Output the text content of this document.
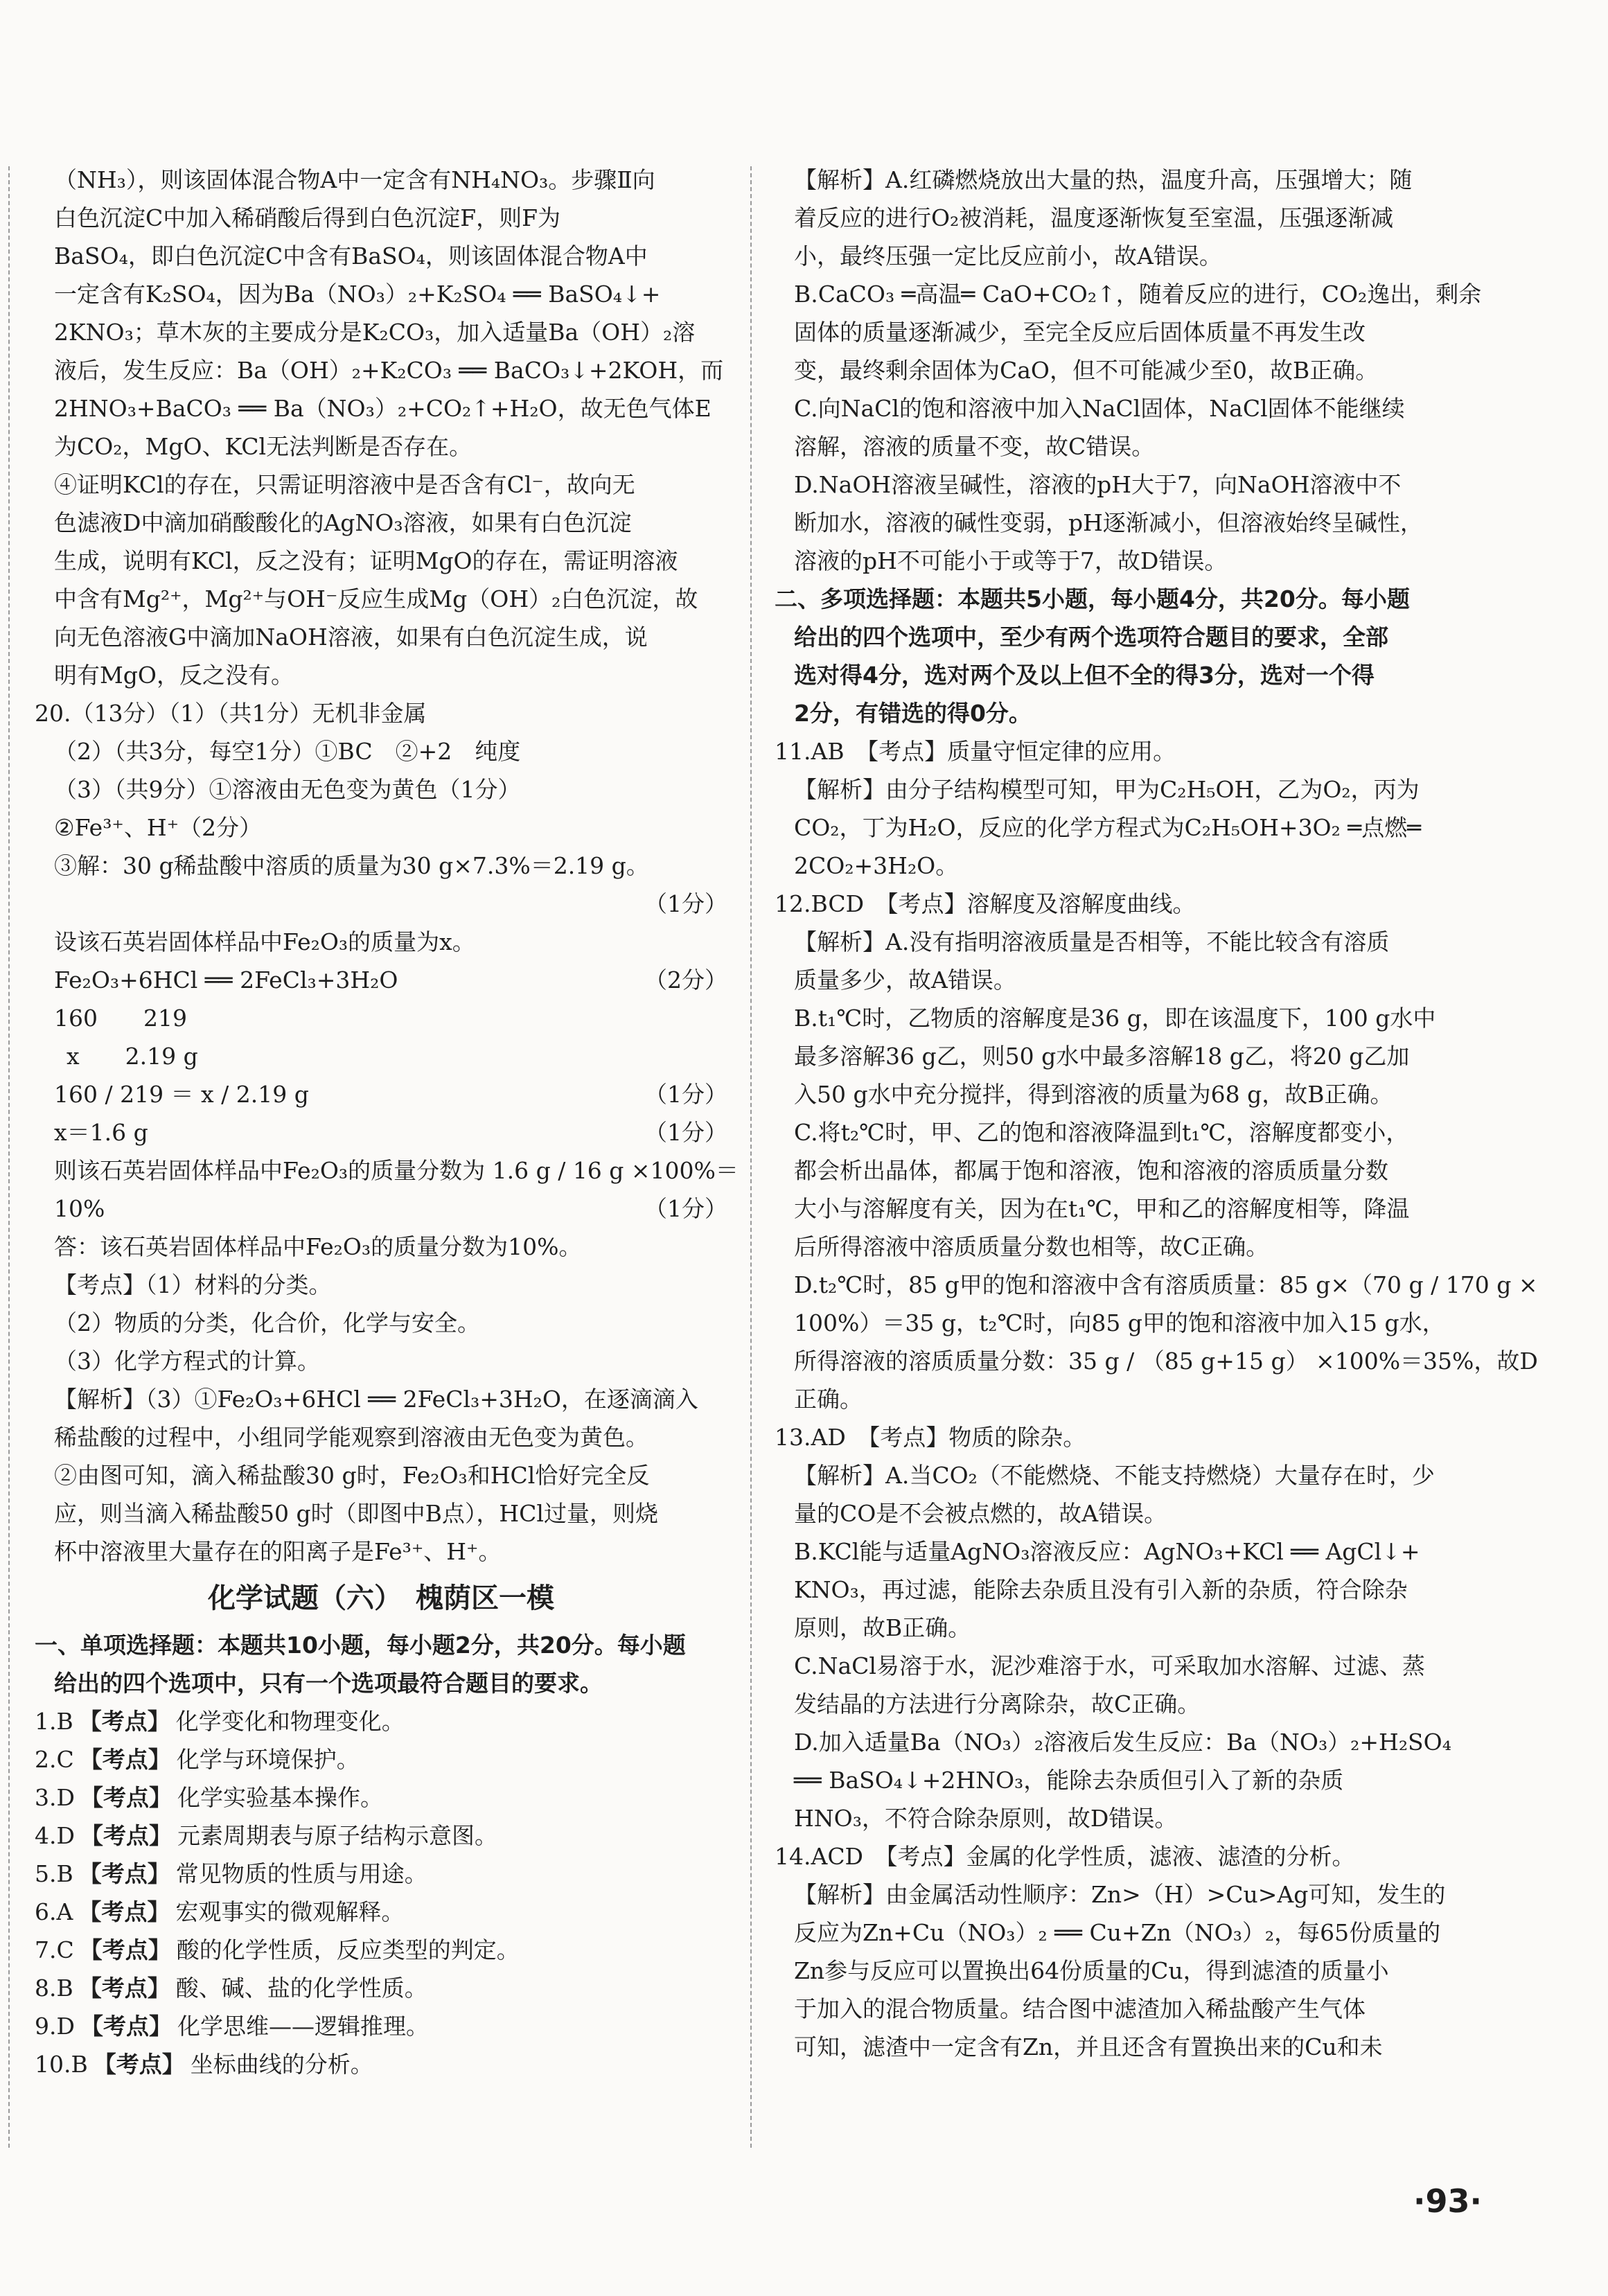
（NH₃），则该固体混合物A中一定含有NH₄NO₃。步骤Ⅱ向
白色沉淀C中加入稀硝酸后得到白色沉淀F，则F为
BaSO₄，即白色沉淀C中含有BaSO₄，则该固体混合物A中
一定含有K₂SO₄，因为Ba（NO₃）₂+K₂SO₄ ══ BaSO₄↓+
2KNO₃；草木灰的主要成分是K₂CO₃，加入适量Ba（OH）₂溶
液后，发生反应：Ba（OH）₂+K₂CO₃ ══ BaCO₃↓+2KOH，而
2HNO₃+BaCO₃ ══ Ba（NO₃）₂+CO₂↑+H₂O，故无色气体E
为CO₂，MgO、KCl无法判断是否存在。
④证明KCl的存在，只需证明溶液中是否含有Cl⁻，故向无
色滤液D中滴加硝酸酸化的AgNO₃溶液，如果有白色沉淀
生成，说明有KCl，反之没有；证明MgO的存在，需证明溶液
中含有Mg²⁺，Mg²⁺与OH⁻反应生成Mg（OH）₂白色沉淀，故
向无色溶液G中滴加NaOH溶液，如果有白色沉淀生成，说
明有MgO，反之没有。
20.（13分）（1）（共1分）无机非金属
（2）（共3分，每空1分）①BC　②+2　纯度
（3）（共9分）①溶液由无色变为黄色（1分）
②Fe³⁺、H⁺（2分）
③解：30 g稀盐酸中溶质的质量为30 g×7.3%＝2.19 g。
（1分）
设该石英岩固体样品中Fe₂O₃的质量为x。
Fe₂O₃+6HCl ══ 2FeCl₃+3H₂O	（2分）
160　　219
x　　2.19 g
160 / 219 ＝ x / 2.19 g	（1分）
x＝1.6 g	（1分）
则该石英岩固体样品中Fe₂O₃的质量分数为 1.6 g / 16 g ×100%＝
10%	（1分）
答：该石英岩固体样品中Fe₂O₃的质量分数为10%。
【考点】（1）材料的分类。
（2）物质的分类，化合价，化学与安全。
（3）化学方程式的计算。
【解析】（3）①Fe₂O₃+6HCl ══ 2FeCl₃+3H₂O，在逐滴滴入
稀盐酸的过程中，小组同学能观察到溶液由无色变为黄色。
②由图可知，滴入稀盐酸30 g时，Fe₂O₃和HCl恰好完全反
应，则当滴入稀盐酸50 g时（即图中B点），HCl过量，则烧
杯中溶液里大量存在的阳离子是Fe³⁺、H⁺。
化学试题（六）　槐荫区一模
一、单项选择题：本题共10小题，每小题2分，共20分。每小题
给出的四个选项中，只有一个选项最符合题目的要求。
1.B 【考点】 化学变化和物理变化。
2.C 【考点】 化学与环境保护。
3.D 【考点】 化学实验基本操作。
4.D 【考点】 元素周期表与原子结构示意图。
5.B 【考点】 常见物质的性质与用途。
6.A 【考点】 宏观事实的微观解释。
7.C 【考点】 酸的化学性质，反应类型的判定。
8.B 【考点】 酸、碱、盐的化学性质。
9.D 【考点】 化学思维——逻辑推理。
10.B 【考点】 坐标曲线的分析。
【解析】A.红磷燃烧放出大量的热，温度升高，压强增大；随
着反应的进行O₂被消耗，温度逐渐恢复至室温，压强逐渐减
小，最终压强一定比反应前小，故A错误。
B.CaCO₃ ═高温═ CaO+CO₂↑，随着反应的进行，CO₂逸出，剩余
固体的质量逐渐减少，至完全反应后固体质量不再发生改
变，最终剩余固体为CaO，但不可能减少至0，故B正确。
C.向NaCl的饱和溶液中加入NaCl固体，NaCl固体不能继续
溶解，溶液的质量不变，故C错误。
D.NaOH溶液呈碱性，溶液的pH大于7，向NaOH溶液中不
断加水，溶液的碱性变弱，pH逐渐减小，但溶液始终呈碱性，
溶液的pH不可能小于或等于7，故D错误。
二、多项选择题：本题共5小题，每小题4分，共20分。每小题
给出的四个选项中，至少有两个选项符合题目的要求，全部
选对得4分，选对两个及以上但不全的得3分，选对一个得
2分，有错选的得0分。
11.AB　【考点】质量守恒定律的应用。
【解析】由分子结构模型可知，甲为C₂H₅OH，乙为O₂，丙为
CO₂，丁为H₂O，反应的化学方程式为C₂H₅OH+3O₂ ═点燃═
2CO₂+3H₂O。
12.BCD　【考点】溶解度及溶解度曲线。
【解析】A.没有指明溶液质量是否相等，不能比较含有溶质
质量多少，故A错误。
B.t₁℃时，乙物质的溶解度是36 g，即在该温度下，100 g水中
最多溶解36 g乙，则50 g水中最多溶解18 g乙，将20 g乙加
入50 g水中充分搅拌，得到溶液的质量为68 g，故B正确。
C.将t₂℃时，甲、乙的饱和溶液降温到t₁℃，溶解度都变小，
都会析出晶体，都属于饱和溶液，饱和溶液的溶质质量分数
大小与溶解度有关，因为在t₁℃，甲和乙的溶解度相等，降温
后所得溶液中溶质质量分数也相等，故C正确。
D.t₂℃时，85 g甲的饱和溶液中含有溶质质量：85 g×（70 g / 170 g ×
100%）＝35 g，t₂℃时，向85 g甲的饱和溶液中加入15 g水，
所得溶液的溶质质量分数：35 g / （85 g+15 g） ×100%＝35%，故D
正确。
13.AD　【考点】物质的除杂。
【解析】A.当CO₂（不能燃烧、不能支持燃烧）大量存在时，少
量的CO是不会被点燃的，故A错误。
B.KCl能与适量AgNO₃溶液反应：AgNO₃+KCl ══ AgCl↓+
KNO₃，再过滤，能除去杂质且没有引入新的杂质，符合除杂
原则，故B正确。
C.NaCl易溶于水，泥沙难溶于水，可采取加水溶解、过滤、蒸
发结晶的方法进行分离除杂，故C正确。
D.加入适量Ba（NO₃）₂溶液后发生反应：Ba（NO₃）₂+H₂SO₄
══ BaSO₄↓+2HNO₃，能除去杂质但引入了新的杂质
HNO₃，不符合除杂原则，故D错误。
14.ACD　【考点】金属的化学性质，滤液、滤渣的分析。
【解析】由金属活动性顺序：Zn>（H）>Cu>Ag可知，发生的
反应为Zn+Cu（NO₃）₂ ══ Cu+Zn（NO₃）₂，每65份质量的
Zn参与反应可以置换出64份质量的Cu，得到滤渣的质量小
于加入的混合物质量。结合图中滤渣加入稀盐酸产生气体
可知，滤渣中一定含有Zn，并且还含有置换出来的Cu和未
·93·
